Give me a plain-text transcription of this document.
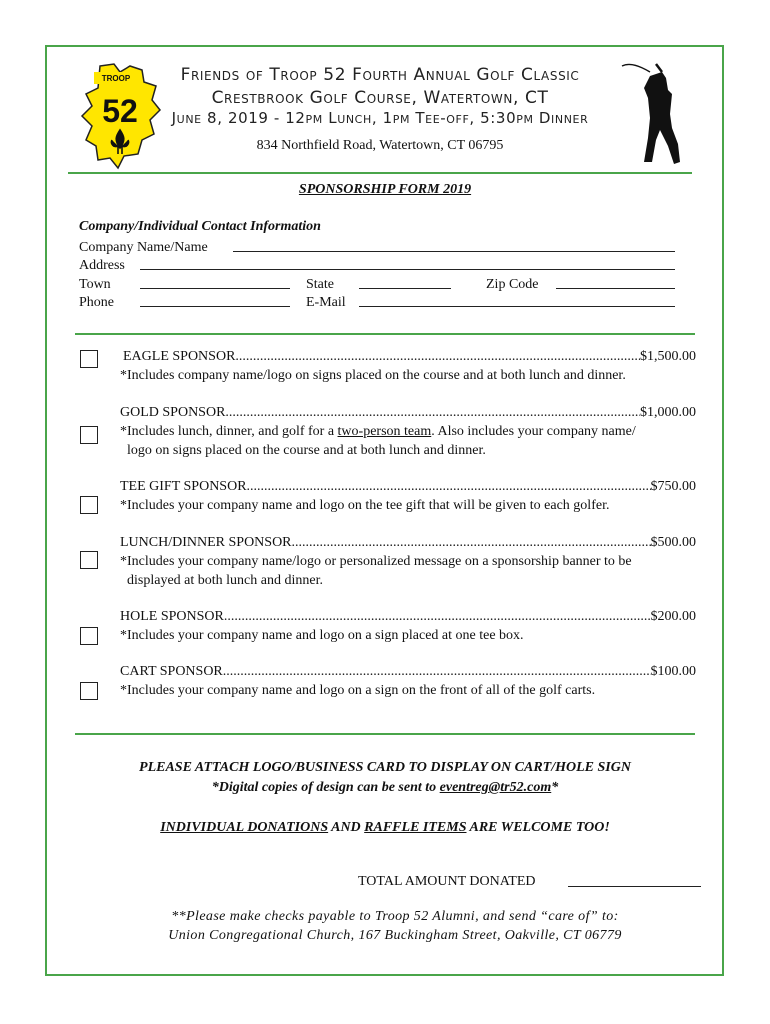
TROOP
52
Friends of Troop 52 Fourth Annual Golf Classic
Crestbrook Golf Course, Watertown, CT
June 8, 2019 - 12pm Lunch, 1pm Tee-off, 5:30pm Dinner
834 Northfield Road, Watertown, CT 06795
SPONSORSHIP FORM 2019
Company/Individual Contact Information
Company Name/Name
Address
Town	State	Zip Code
Phone	E-Mail
EAGLE SPONSOR .....	$1,500.00
*Includes company name/logo on signs placed on the course and at both lunch and dinner.
GOLD SPONSOR .....	$1,000.00
*Includes lunch, dinner, and golf for a two-person team. Also includes your company name/
logo on signs placed on the course and at both lunch and dinner.
TEE GIFT SPONSOR .....	$750.00
*Includes your company name and logo on the tee gift that will be given to each golfer.
LUNCH/DINNER SPONSOR .....	$500.00
*Includes your company name/logo or personalized message on a sponsorship banner to be
displayed at both lunch and dinner.
HOLE SPONSOR .....	$200.00
*Includes your company name and logo on a sign placed at one tee box.
CART SPONSOR .....	$100.00
*Includes your company name and logo on a sign on the front of all of the golf carts.
PLEASE ATTACH LOGO/BUSINESS CARD TO DISPLAY ON CART/HOLE SIGN
*Digital copies of design can be sent to eventreg@tr52.com*
INDIVIDUAL DONATIONS AND RAFFLE ITEMS ARE WELCOME TOO!
TOTAL AMOUNT DONATED
**Please make checks payable to Troop 52 Alumni, and send “care of” to:
Union Congregational Church, 167 Buckingham Street, Oakville, CT 06779
